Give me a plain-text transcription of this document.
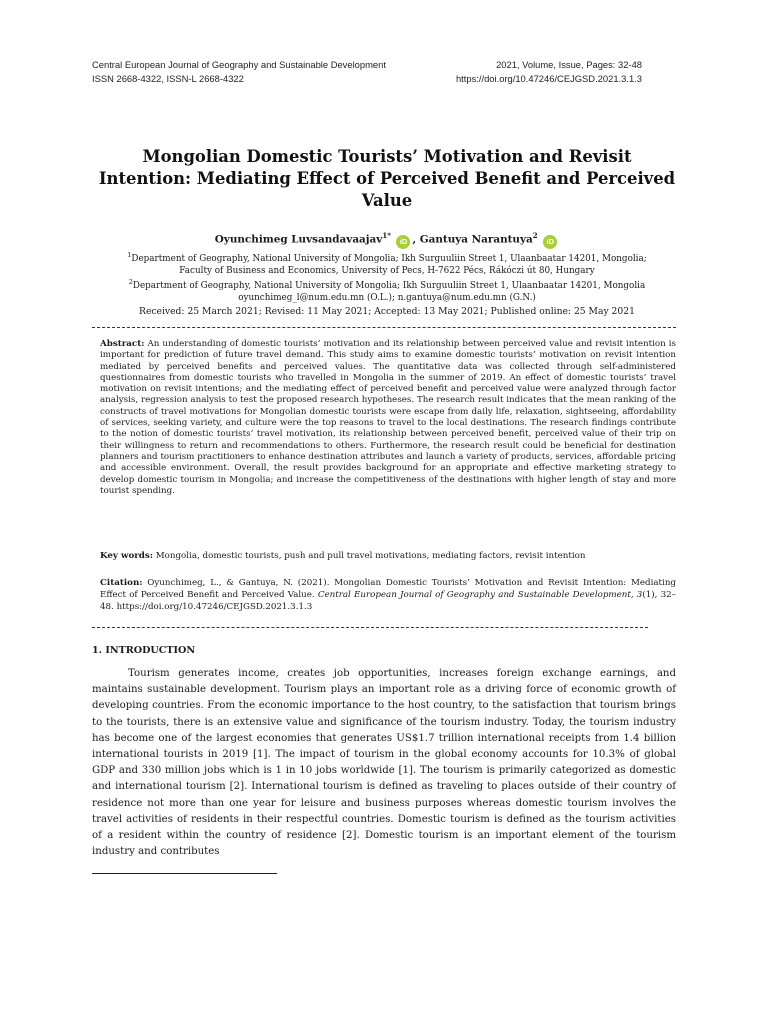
Central European Journal of Geography and Sustainable Development
ISSN 2668-4322, ISSN-L 2668-4322
2021, Volume, Issue, Pages: 32-48
https://doi.org/10.47246/CEJGSD.2021.3.1.3
Mongolian Domestic Tourists’ Motivation and Revisit Intention: Mediating Effect of Perceived Benefit and Perceived Value
Oyunchimeg Luvsandavaajav$^{1*}$ iD , Gantuya Narantuya$^2$ iD
$^1$Department of Geography, National University of Mongolia; Ikh Surguuliin Street 1, Ulaanbaatar 14201, Mongolia;
Faculty of Business and Economics, University of Pecs, H-7622 Pécs, Rákóczi út 80, Hungary
$^2$Department of Geography, National University of Mongolia; Ikh Surguuliin Street 1, Ulaanbaatar 14201, Mongolia
oyunchimeg_l@num.edu.mn (O.L.); n.gantuya@num.edu.mn (G.N.)
Received: 25 March 2021; Revised: 11 May 2021; Accepted: 13 May 2021; Published online: 25 May 2021
Abstract: An understanding of domestic tourists’ motivation and its relationship between perceived value and revisit intention is important for prediction of future travel demand. This study aims to examine domestic tourists’ motivation on revisit intention mediated by perceived benefits and perceived values. The quantitative data was collected through self-administered questionnaires from domestic tourists who travelled in Mongolia in the summer of 2019. An effect of domestic tourists’ travel motivation on revisit intentions; and the mediating effect of perceived benefit and perceived value were analyzed through factor analysis, regression analysis to test the proposed research hypotheses. The research result indicates that the mean ranking of the constructs of travel motivations for Mongolian domestic tourists were escape from daily life, relaxation, sightseeing, affordability of services, seeking variety, and culture were the top reasons to travel to the local destinations. The research findings contribute to the notion of domestic tourists’ travel motivation, its relationship between perceived benefit, perceived value of their trip on their willingness to return and recommendations to others. Furthermore, the research result could be beneficial for destination planners and tourism practitioners to enhance destination attributes and launch a variety of products, services, affordable pricing and accessible environment. Overall, the result provides background for an appropriate and effective marketing strategy to develop domestic tourism in Mongolia; and increase the competitiveness of the destinations with higher length of stay and more tourist spending.
Key words: Mongolia, domestic tourists, push and pull travel motivations, mediating factors, revisit intention
Citation: Oyunchimeg, L., & Gantuya, N. (2021). Mongolian Domestic Tourists’ Motivation and Revisit Intention: Mediating Effect of Perceived Benefit and Perceived Value. Central European Journal of Geography and Sustainable Development, 3(1), 32–48. https://doi.org/10.47246/CEJGSD.2021.3.1.3
1. INTRODUCTION
Tourism generates income, creates job opportunities, increases foreign exchange earnings, and maintains sustainable development. Tourism plays an important role as a driving force of economic growth of developing countries. From the economic importance to the host country, to the satisfaction that tourism brings to the tourists, there is an extensive value and significance of the tourism industry. Today, the tourism industry has become one of the largest economies that generates US$1.7 trillion international receipts from 1.4 billion international tourists in 2019 [1]. The impact of tourism in the global economy accounts for 10.3% of global GDP and 330 million jobs which is 1 in 10 jobs worldwide [1]. The tourism is primarily categorized as domestic and international tourism [2]. International tourism is defined as traveling to places outside of their country of residence not more than one year for leisure and business purposes whereas domestic tourism involves the travel activities of residents in their respectful countries. Domestic tourism is defined as the tourism activities of a resident within the country of residence [2]. Domestic tourism is an important element of the tourism industry and contributes
